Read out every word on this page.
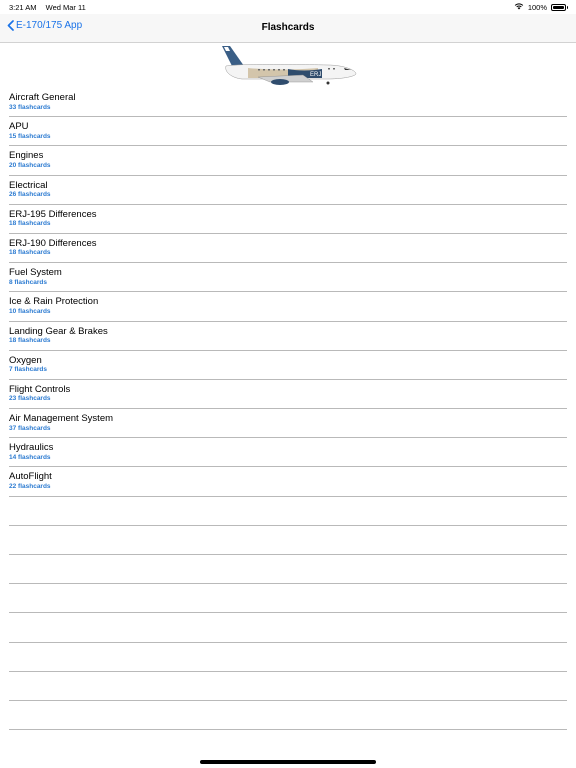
3:21 AM Wed Mar 11	100%
E-170/175 App	Flashcards
ERJ
Aircraft General
33 flashcards
APU
15 flashcards
Engines
20 flashcards
Electrical
26 flashcards
ERJ-195 Differences
18 flashcards
ERJ-190 Differences
18 flashcards
Fuel System
8 flashcards
Ice & Rain Protection
10 flashcards
Landing Gear & Brakes
18 flashcards
Oxygen
7 flashcards
Flight Controls
23 flashcards
Air Management System
37 flashcards
Hydraulics
14 flashcards
AutoFlight
22 flashcards
